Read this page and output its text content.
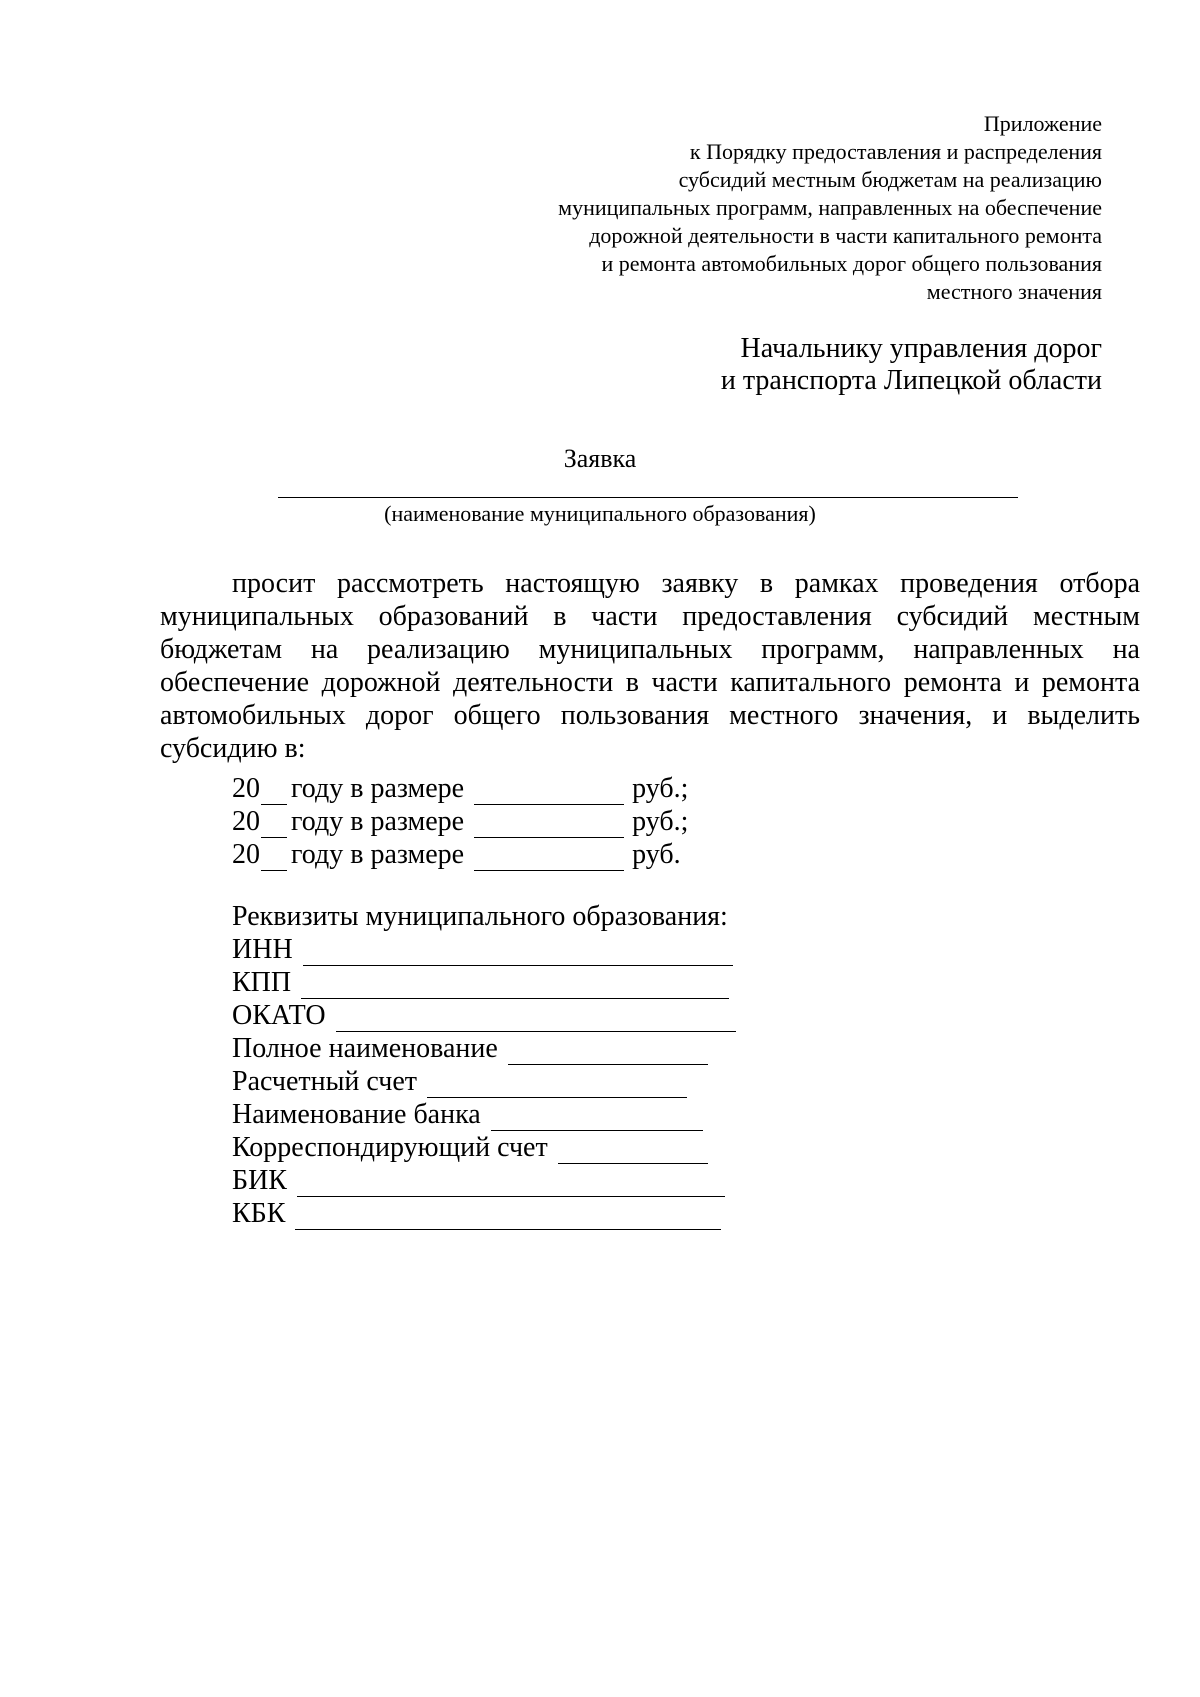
Приложение
к Порядку предоставления и распределения
субсидий местным бюджетам на реализацию
муниципальных программ, направленных на обеспечение
дорожной деятельности в части капитального ремонта
и ремонта автомобильных дорог общего пользования
местного значения
Начальнику управления дорог
и транспорта Липецкой области
Заявка
(наименование муниципального образования)
просит рассмотреть настоящую заявку в рамках проведения отбора
муниципальных образований в части предоставления субсидий местным
бюджетам на реализацию муниципальных программ, направленных на
обеспечение дорожной деятельности в части капитального ремонта и ремонта
автомобильных дорог общего пользования местного значения, и выделить
субсидию в:
20 году в размере	руб.;
20 году в размере	руб.;
20 году в размере	руб.
Реквизиты муниципального образования:
ИНН
КПП
ОКАТО
Полное наименование
Расчетный счет
Наименование банка
Корреспондирующий счет
БИК
КБК
